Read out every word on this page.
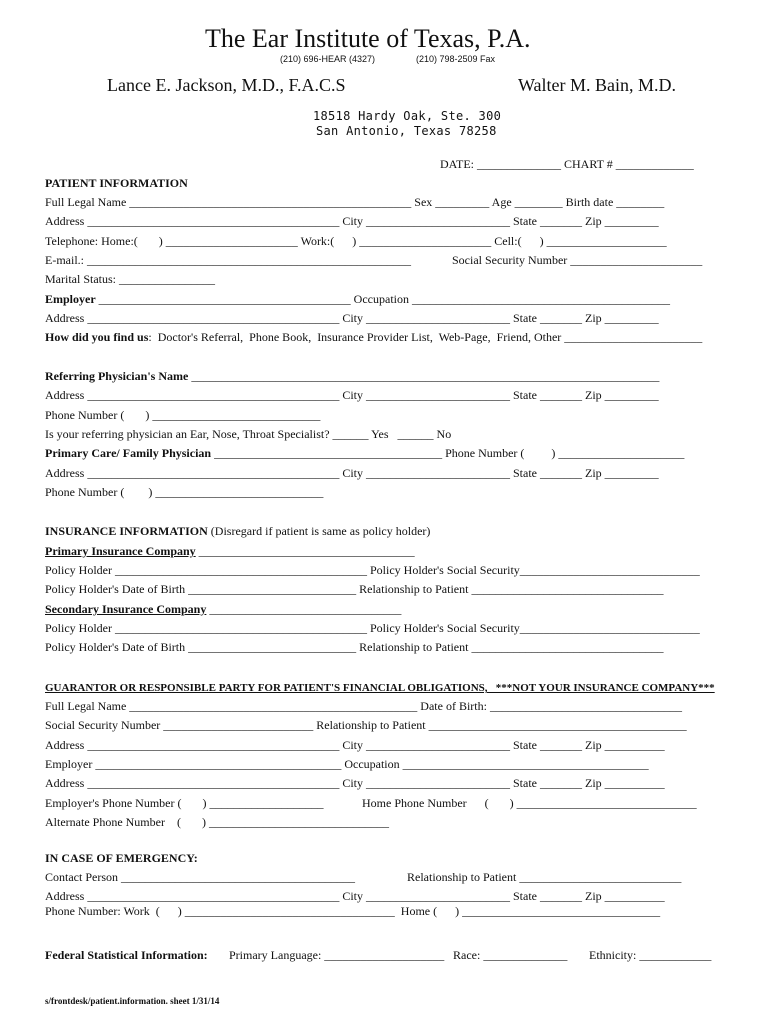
The Ear Institute of Texas, P.A.
(210) 696-HEAR (4327)	(210) 798-2509 Fax
Lance E. Jackson, M.D., F.A.C.S	Walter M. Bain, M.D.
18518 Hardy Oak, Ste. 300
San Antonio, Texas 78258
DATE: ______________ CHART # _____________
PATIENT INFORMATION
Full Legal Name _______________________________________________ Sex _________ Age ________ Birth date ________
Address __________________________________________ City ________________________ State _______ Zip _________
Telephone: Home:(       ) ______________________ Work:(      ) ______________________ Cell:(      ) ____________________
E-mail.: ______________________________________________________	Social Security Number ______________________
Marital Status: ________________
Employer __________________________________________ Occupation ___________________________________________
Address __________________________________________ City ________________________ State _______ Zip _________
How did you find us:  Doctor's Referral,  Phone Book,  Insurance Provider List,  Web-Page,  Friend, Other _______________________
Referring Physician's Name ______________________________________________________________________________
Address __________________________________________ City ________________________ State _______ Zip _________
Phone Number (       ) ____________________________
Is your referring physician an Ear, Nose, Throat Specialist? ______ Yes   ______ No
Primary Care/ Family Physician ______________________________________ Phone Number (         ) _____________________
Address __________________________________________ City ________________________ State _______ Zip _________
Phone Number (        ) ____________________________
INSURANCE INFORMATION (Disregard if patient is same as policy holder)
Primary Insurance Company ____________________________________
Policy Holder __________________________________________ Policy Holder's Social Security______________________________
Policy Holder's Date of Birth ____________________________ Relationship to Patient ________________________________
Secondary Insurance Company ________________________________
Policy Holder __________________________________________ Policy Holder's Social Security______________________________
Policy Holder's Date of Birth ____________________________ Relationship to Patient ________________________________
GUARANTOR OR RESPONSIBLE PARTY FOR PATIENT'S FINANCIAL OBLIGATIONS,   ***NOT YOUR INSURANCE COMPANY***
Full Legal Name ________________________________________________ Date of Birth: ________________________________
Social Security Number _________________________ Relationship to Patient ___________________________________________
Address __________________________________________ City ________________________ State _______ Zip __________
Employer _________________________________________ Occupation _________________________________________
Address __________________________________________ City ________________________ State _______ Zip __________
Employer's Phone Number (       ) ___________________	Home Phone Number      (       ) ______________________________
Alternate Phone Number    (       ) ______________________________
IN CASE OF EMERGENCY:
Contact Person _______________________________________	Relationship to Patient ___________________________
Address __________________________________________ City ________________________ State _______ Zip __________
Phone Number: Work  (      ) ___________________________________  Home (      ) _________________________________
Federal Statistical Information: Primary Language: ____________________ Race: ______________ Ethnicity: ____________
s/frontdesk/patient.information. sheet 1/31/14
